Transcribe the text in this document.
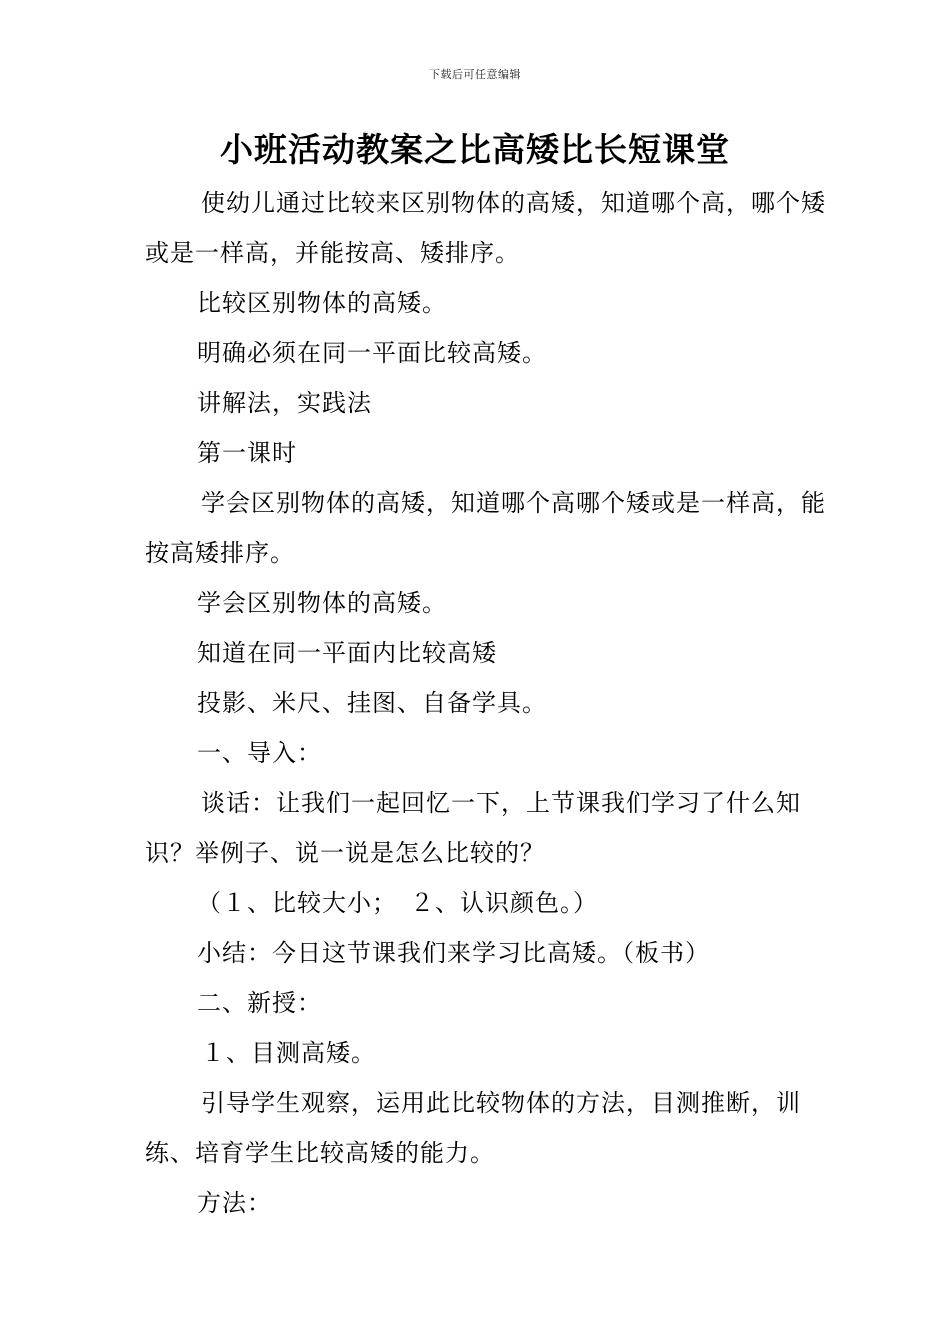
下载后可任意编辑
小班活动教案之比高矮比长短课堂

使幼儿通过比较来区别物体的高矮，知道哪个高，哪个矮或是一样高，并能按高、矮排序。

比较区别物体的高矮。

明确必须在同一平面比较高矮。

讲解法，实践法

第一课时

学会区别物体的高矮，知道哪个高哪个矮或是一样高，能按高矮排序。

学会区别物体的高矮。

知道在同一平面内比较高矮

投影、米尺、挂图、自备学具。

一、导入：

谈话：让我们一起回忆一下，上节课我们学习了什么知识？举例子、说一说是怎么比较的？

（１、比较大小；　２、认识颜色。）

小结：今日这节课我们来学习比高矮。（板书）

二、新授：

１、目测高矮。

引导学生观察，运用此比较物体的方法，目测推断，训练、培育学生比较高矮的能力。

方法：
